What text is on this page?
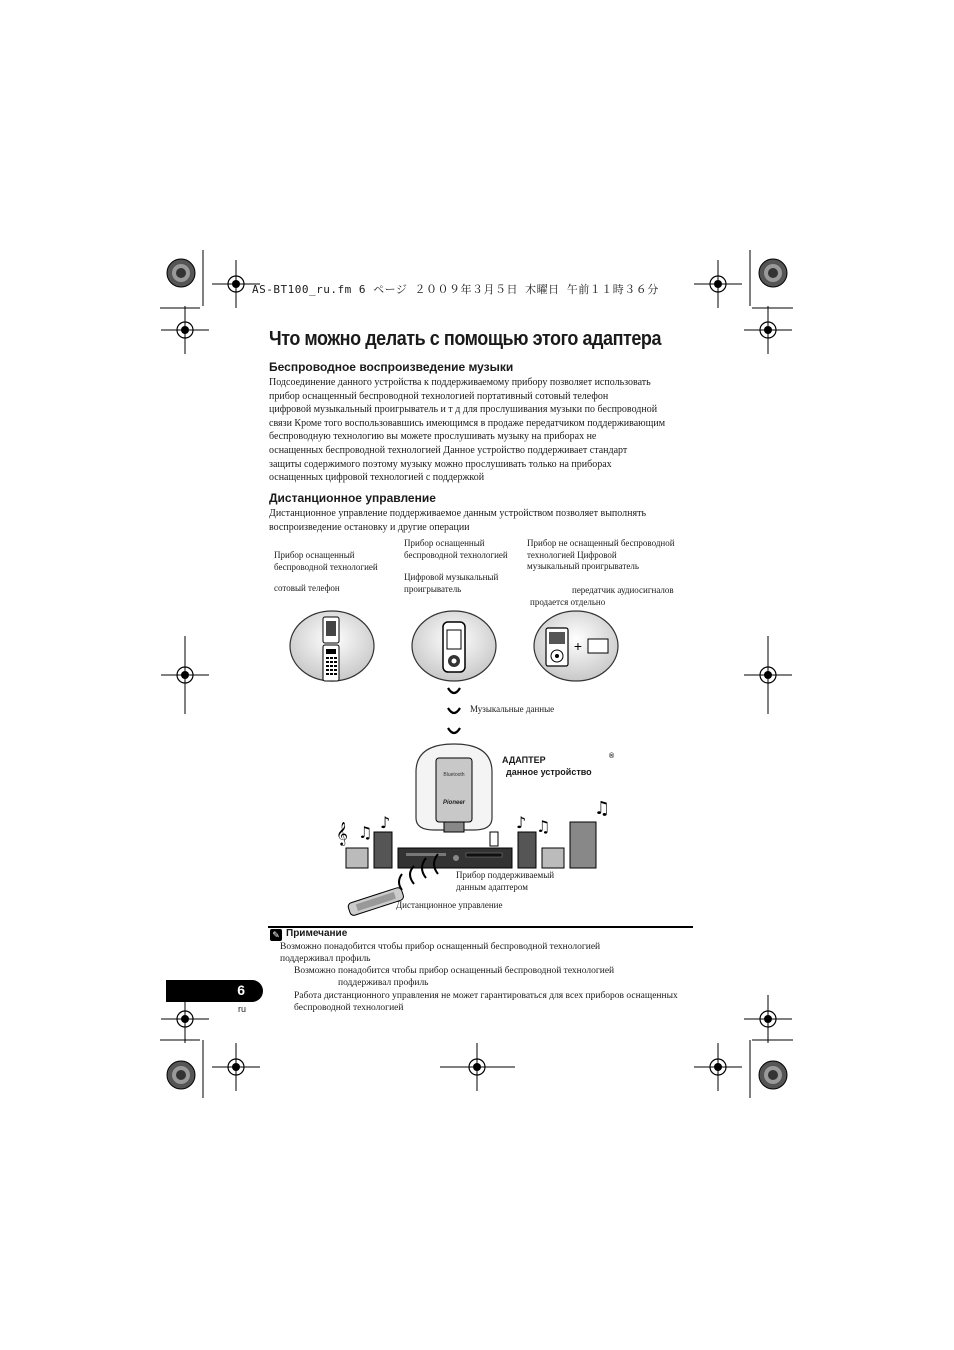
AS-BT100_ru.fm 6 ページ ２００９年３月５日 木曜日 午前１１時３６分
Что можно делать с помощью этого адаптера
Беспроводное воспроизведение музыки
Подсоединение данного устройства к поддерживаемому прибору позволяет использовать
прибор оснащенный беспроводной технологией портативный сотовый телефон
цифровой музыкальный проигрыватель и т д для прослушивания музыки по беспроводной
связи Кроме того воспользовавшись имеющимся в продаже передатчиком поддерживающим
беспроводную технологию вы можете прослушивать музыку на приборах не
оснащенных беспроводной технологией Данное устройство поддерживает стандарт
защиты содержимого поэтому музыку можно прослушивать только на приборах
оснащенных цифровой технологией с поддержкой
Дистанционное управление
Дистанционное управление поддерживаемое данным устройством позволяет выполнять
воспроизведение остановку и другие операции
Прибор оснащенный
беспроводной технологией
сотовый телефон
Прибор оснащенный
беспроводной технологией
Цифровой музыкальный
проигрыватель
Прибор не оснащенный беспроводной
технологией Цифровой
музыкальный проигрыватель
передатчик аудиосигналов
продается отдельно
+
Bluetooth
Pioneer
𝄞 ♫
♪	♪ ♫
♫
Музыкальные данные
АДАПТЕР
данное устройство
®
Прибор поддерживаемый
данным адаптером
Дистанционное управление
✎ Примечание
Возможно понадобится чтобы прибор оснащенный беспроводной технологией
поддерживал профиль
Возможно понадобится чтобы прибор оснащенный беспроводной технологией
поддерживал профиль
Работа дистанционного управления не может гарантироваться для всех приборов оснащенных
беспроводной технологией
6
ru
